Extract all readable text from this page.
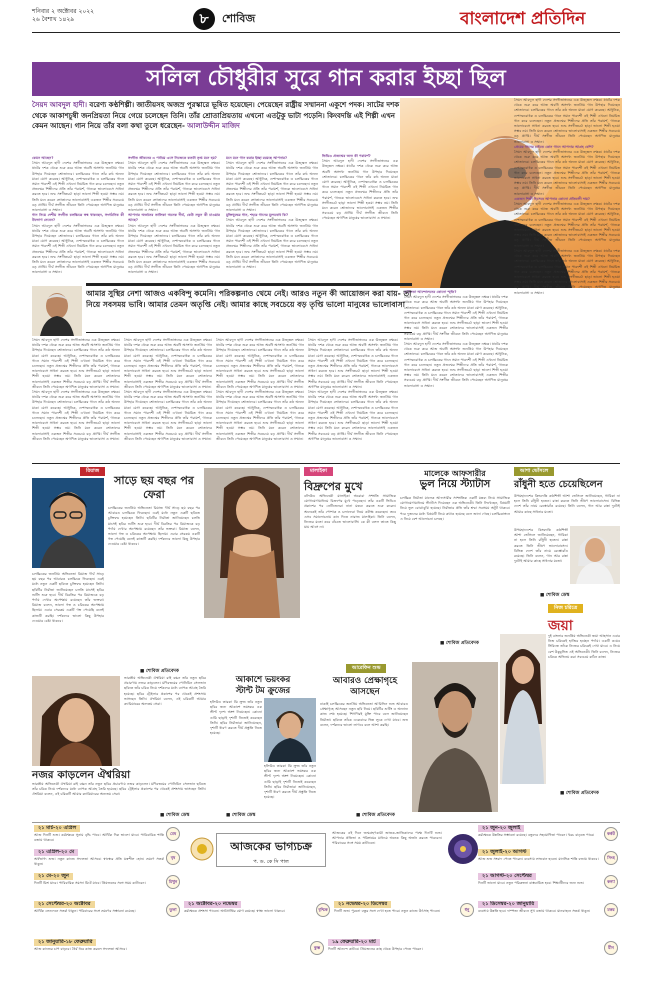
শনিবার ২ অক্টোবর ২০২২
২৬ বৈশাখ ১৪২৯	৮	শোবিজ	বাংলাদেশ প্রতিদিন
সলিল চৌধুরীর সুরে গান করার ইচ্ছা ছিল
সৈয়দ আবদুল হাদী। বরেণ্য কণ্ঠশিল্পী। জাতীয়সহ অজস্র পুরস্কারে ভূষিত হয়েছেন। পেয়েছেন রাষ্ট্রীয় সম্মাননা একুশে পদক। সাটের দশক থেকে আকাশচুম্বী জনপ্রিয়তা নিয়ে গেয়ে চলেছেন তিনি। তাঁর শ্রোতাপ্রিয়তায় এখনো এতটুকু ভাটা পড়েনি। কিংবদন্তি এই শিল্পী এখন কেমন আছেন। গান নিয়ে তাঁর বলা কথা তুলে ধরেছেন- আলাউদ্দীন মাজিদ
কেমন আছেন?
সৈয়দ আবদুল হাদী দেশের সংগীতাঙ্গনের এক উজ্জ্বল নক্ষত্র। ষাটের দশক থেকে শুরু করে আজ অবধি অসংখ্য জনপ্রিয় গান উপহার দিয়েছেন শ্রোতাদের। চলচ্চিত্রের গানে তাঁর কণ্ঠ অনন্য মাত্রা যোগ করেছে। আধুনিক, দেশাত্মবোধক ও চলচ্চিত্রের গানে সমান পারদর্শী এই শিল্পী এখনো নিয়মিত গান করে চলেছেন। নতুন প্রজন্মের শিল্পীদের প্রতি তাঁর পরামর্শ, গানকে ভালোবেসে সাধনা করতে হবে। শুদ্ধ সংগীতচর্চা ছাড়া ভালো শিল্পী হওয়া সম্ভব নয়। তিনি মনে করেন শ্রোতাদের ভালোবাসাই একজন শিল্পীর সবচেয়ে বড় প্রাপ্তি। দীর্ঘ সংগীত জীবনে তিনি পেয়েছেন অগণিত মানুষের ভালোবাসা ও সম্মান।
গান নিয়ে দেশীয় সংগীত চলচ্চিত্রে স্বস্থ থাকছেন, সংগঠনিক কী উদ্যোগ নেবেন?
সৈয়দ আবদুল হাদী দেশের সংগীতাঙ্গনের এক উজ্জ্বল নক্ষত্র। ষাটের দশক থেকে শুরু করে আজ অবধি অসংখ্য জনপ্রিয় গান উপহার দিয়েছেন শ্রোতাদের। চলচ্চিত্রের গানে তাঁর কণ্ঠ অনন্য মাত্রা যোগ করেছে। আধুনিক, দেশাত্মবোধক ও চলচ্চিত্রের গানে সমান পারদর্শী এই শিল্পী এখনো নিয়মিত গান করে চলেছেন। নতুন প্রজন্মের শিল্পীদের প্রতি তাঁর পরামর্শ, গানকে ভালোবেসে সাধনা করতে হবে। শুদ্ধ সংগীতচর্চা ছাড়া ভালো শিল্পী হওয়া সম্ভব নয়। তিনি মনে করেন শ্রোতাদের ভালোবাসাই একজন শিল্পীর সবচেয়ে বড় প্রাপ্তি। দীর্ঘ সংগীত জীবনে তিনি পেয়েছেন অগণিত মানুষের ভালোবাসা ও সম্মান।
সংগীত জীবনের এ পর্যায়ে এসে নিজেকে কতটা তৃপ্ত মনে হয়?
সৈয়দ আবদুল হাদী দেশের সংগীতাঙ্গনের এক উজ্জ্বল নক্ষত্র। ষাটের দশক থেকে শুরু করে আজ অবধি অসংখ্য জনপ্রিয় গান উপহার দিয়েছেন শ্রোতাদের। চলচ্চিত্রের গানে তাঁর কণ্ঠ অনন্য মাত্রা যোগ করেছে। আধুনিক, দেশাত্মবোধক ও চলচ্চিত্রের গানে সমান পারদর্শী এই শিল্পী এখনো নিয়মিত গান করে চলেছেন। নতুন প্রজন্মের শিল্পীদের প্রতি তাঁর পরামর্শ, গানকে ভালোবেসে সাধনা করতে হবে। শুদ্ধ সংগীতচর্চা ছাড়া ভালো শিল্পী হওয়া সম্ভব নয়। তিনি মনে করেন শ্রোতাদের ভালোবাসাই একজন শিল্পীর সবচেয়ে বড় প্রাপ্তি। দীর্ঘ সংগীত জীবনে তিনি পেয়েছেন অগণিত মানুষের ভালোবাসা ও সম্মান।
আপনার অর্জনের তালিকা অনেক দীর্ঘ, কেউ নতুন কী চাওয়ার আছে?
সৈয়দ আবদুল হাদী দেশের সংগীতাঙ্গনের এক উজ্জ্বল নক্ষত্র। ষাটের দশক থেকে শুরু করে আজ অবধি অসংখ্য জনপ্রিয় গান উপহার দিয়েছেন শ্রোতাদের। চলচ্চিত্রের গানে তাঁর কণ্ঠ অনন্য মাত্রা যোগ করেছে। আধুনিক, দেশাত্মবোধক ও চলচ্চিত্রের গানে সমান পারদর্শী এই শিল্পী এখনো নিয়মিত গান করে চলেছেন। নতুন প্রজন্মের শিল্পীদের প্রতি তাঁর পরামর্শ, গানকে ভালোবেসে সাধনা করতে হবে। শুদ্ধ সংগীতচর্চা ছাড়া ভালো শিল্পী হওয়া সম্ভব নয়। তিনি মনে করেন শ্রোতাদের ভালোবাসাই একজন শিল্পীর সবচেয়ে বড় প্রাপ্তি। দীর্ঘ সংগীত জীবনে তিনি পেয়েছেন অগণিত মানুষের ভালোবাসা ও সম্মান।
মনে মনে গান করার ইচ্ছা রয়েছে আপনার?
সৈয়দ আবদুল হাদী দেশের সংগীতাঙ্গনের এক উজ্জ্বল নক্ষত্র। ষাটের দশক থেকে শুরু করে আজ অবধি অসংখ্য জনপ্রিয় গান উপহার দিয়েছেন শ্রোতাদের। চলচ্চিত্রের গানে তাঁর কণ্ঠ অনন্য মাত্রা যোগ করেছে। আধুনিক, দেশাত্মবোধক ও চলচ্চিত্রের গানে সমান পারদর্শী এই শিল্পী এখনো নিয়মিত গান করে চলেছেন। নতুন প্রজন্মের শিল্পীদের প্রতি তাঁর পরামর্শ, গানকে ভালোবেসে সাধনা করতে হবে। শুদ্ধ সংগীতচর্চা ছাড়া ভালো শিল্পী হওয়া সম্ভব নয়। তিনি মনে করেন শ্রোতাদের ভালোবাসাই একজন শিল্পীর সবচেয়ে বড় প্রাপ্তি। দীর্ঘ সংগীত জীবনে তিনি পেয়েছেন অগণিত মানুষের ভালোবাসা ও সম্মান।
মুক্তিযুদ্ধের গান, শহরে গানের মূল্যবোধ কি?
সৈয়দ আবদুল হাদী দেশের সংগীতাঙ্গনের এক উজ্জ্বল নক্ষত্র। ষাটের দশক থেকে শুরু করে আজ অবধি অসংখ্য জনপ্রিয় গান উপহার দিয়েছেন শ্রোতাদের। চলচ্চিত্রের গানে তাঁর কণ্ঠ অনন্য মাত্রা যোগ করেছে। আধুনিক, দেশাত্মবোধক ও চলচ্চিত্রের গানে সমান পারদর্শী এই শিল্পী এখনো নিয়মিত গান করে চলেছেন। নতুন প্রজন্মের শিল্পীদের প্রতি তাঁর পরামর্শ, গানকে ভালোবেসে সাধনা করতে হবে। শুদ্ধ সংগীতচর্চা ছাড়া ভালো শিল্পী হওয়া সম্ভব নয়। তিনি মনে করেন শ্রোতাদের ভালোবাসাই একজন শিল্পীর সবচেয়ে বড় প্রাপ্তি। দীর্ঘ সংগীত জীবনে তিনি পেয়েছেন অগণিত মানুষের ভালোবাসা ও সম্মান।
ভিডিও প্রজন্মের জন্য কী পরামর্শ?
সৈয়দ আবদুল হাদী দেশের সংগীতাঙ্গনের এক উজ্জ্বল নক্ষত্র। ষাটের দশক থেকে শুরু করে আজ অবধি অসংখ্য জনপ্রিয় গান উপহার দিয়েছেন শ্রোতাদের। চলচ্চিত্রের গানে তাঁর কণ্ঠ অনন্য মাত্রা যোগ করেছে। আধুনিক, দেশাত্মবোধক ও চলচ্চিত্রের গানে সমান পারদর্শী এই শিল্পী এখনো নিয়মিত গান করে চলেছেন। নতুন প্রজন্মের শিল্পীদের প্রতি তাঁর পরামর্শ, গানকে ভালোবেসে সাধনা করতে হবে। শুদ্ধ সংগীতচর্চা ছাড়া ভালো শিল্পী হওয়া সম্ভব নয়। তিনি মনে করেন শ্রোতাদের ভালোবাসাই একজন শিল্পীর সবচেয়ে বড় প্রাপ্তি। দীর্ঘ সংগীত জীবনে তিনি পেয়েছেন অগণিত মানুষের ভালোবাসা ও সম্মান।
স্বাধীনতা আন্দোলনের কোনো স্মৃতি?
সৈয়দ আবদুল হাদী দেশের সংগীতাঙ্গনের এক উজ্জ্বল নক্ষত্র। ষাটের দশক থেকে শুরু করে আজ অবধি অসংখ্য জনপ্রিয় গান উপহার দিয়েছেন শ্রোতাদের। চলচ্চিত্রের গানে তাঁর কণ্ঠ অনন্য মাত্রা যোগ করেছে। আধুনিক, দেশাত্মবোধক ও চলচ্চিত্রের গানে সমান পারদর্শী এই শিল্পী এখনো নিয়মিত গান করে চলেছেন। নতুন প্রজন্মের শিল্পীদের প্রতি তাঁর পরামর্শ, গানকে ভালোবেসে সাধনা করতে হবে। শুদ্ধ সংগীতচর্চা ছাড়া ভালো শিল্পী হওয়া সম্ভব নয়। তিনি মনে করেন শ্রোতাদের ভালোবাসাই একজন শিল্পীর সবচেয়ে বড় প্রাপ্তি। দীর্ঘ সংগীত জীবনে তিনি পেয়েছেন অগণিত মানুষের ভালোবাসা ও সম্মান।
সৈয়দ আবদুল হাদী দেশের সংগীতাঙ্গনের এক উজ্জ্বল নক্ষত্র। ষাটের দশক থেকে শুরু করে আজ অবধি অসংখ্য জনপ্রিয় গান উপহার দিয়েছেন শ্রোতাদের। চলচ্চিত্রের গানে তাঁর কণ্ঠ অনন্য মাত্রা যোগ করেছে। আধুনিক, দেশাত্মবোধক ও চলচ্চিত্রের গানে সমান পারদর্শী এই শিল্পী এখনো নিয়মিত গান করে চলেছেন। নতুন প্রজন্মের শিল্পীদের প্রতি তাঁর পরামর্শ, গানকে ভালোবেসে সাধনা করতে হবে। শুদ্ধ সংগীতচর্চা ছাড়া ভালো শিল্পী হওয়া সম্ভব নয়। তিনি মনে করেন শ্রোতাদের ভালোবাসাই একজন শিল্পীর সবচেয়ে বড় প্রাপ্তি। দীর্ঘ সংগীত জীবনে তিনি পেয়েছেন অগণিত মানুষের ভালোবাসা ও সম্মান।
সৈয়দ আবদুল হাদী দেশের সংগীতাঙ্গনের এক উজ্জ্বল নক্ষত্র। ষাটের দশক থেকে শুরু করে আজ অবধি অসংখ্য জনপ্রিয় গান উপহার দিয়েছেন শ্রোতাদের। চলচ্চিত্রের গানে তাঁর কণ্ঠ অনন্য মাত্রা যোগ করেছে। আধুনিক, দেশাত্মবোধক ও চলচ্চিত্রের গানে সমান পারদর্শী এই শিল্পী এখনো নিয়মিত গান করে চলেছেন। নতুন প্রজন্মের শিল্পীদের প্রতি তাঁর পরামর্শ, গানকে ভালোবেসে সাধনা করতে হবে। শুদ্ধ সংগীতচর্চা ছাড়া ভালো শিল্পী হওয়া সম্ভব নয়। তিনি মনে করেন শ্রোতাদের ভালোবাসাই একজন শিল্পীর সবচেয়ে বড় প্রাপ্তি। দীর্ঘ সংগীত জীবনে তিনি পেয়েছেন অগণিত মানুষের ভালোবাসা ও সম্মান।
প্রেমের গানের চাইতে কোন গানে আপনার আগ্রহ বেশি?
সৈয়দ আবদুল হাদী দেশের সংগীতাঙ্গনের এক উজ্জ্বল নক্ষত্র। ষাটের দশক থেকে শুরু করে আজ অবধি অসংখ্য জনপ্রিয় গান উপহার দিয়েছেন শ্রোতাদের। চলচ্চিত্রের গানে তাঁর কণ্ঠ অনন্য মাত্রা যোগ করেছে। আধুনিক, দেশাত্মবোধক ও চলচ্চিত্রের গানে সমান পারদর্শী এই শিল্পী এখনো নিয়মিত গান করে চলেছেন। নতুন প্রজন্মের শিল্পীদের প্রতি তাঁর পরামর্শ, গানকে ভালোবেসে সাধনা করতে হবে। শুদ্ধ সংগীতচর্চা ছাড়া ভালো শিল্পী হওয়া সম্ভব নয়। তিনি মনে করেন শ্রোতাদের ভালোবাসাই একজন শিল্পীর সবচেয়ে বড় প্রাপ্তি। দীর্ঘ সংগীত জীবনে তিনি পেয়েছেন অগণিত মানুষের ভালোবাসা ও সম্মান।
একজন শিল্পী হিসেবে আপনার কোনো প্রতিবাদী দায়?
সৈয়দ আবদুল হাদী দেশের সংগীতাঙ্গনের এক উজ্জ্বল নক্ষত্র। ষাটের দশক থেকে শুরু করে আজ অবধি অসংখ্য জনপ্রিয় গান উপহার দিয়েছেন শ্রোতাদের। চলচ্চিত্রের গানে তাঁর কণ্ঠ অনন্য মাত্রা যোগ করেছে। আধুনিক, দেশাত্মবোধক ও চলচ্চিত্রের গানে সমান পারদর্শী এই শিল্পী এখনো নিয়মিত গান করে চলেছেন। নতুন প্রজন্মের শিল্পীদের প্রতি তাঁর পরামর্শ, গানকে ভালোবেসে সাধনা করতে হবে। শুদ্ধ সংগীতচর্চা ছাড়া ভালো শিল্পী হওয়া সম্ভব নয়। তিনি মনে করেন শ্রোতাদের ভালোবাসাই একজন শিল্পীর সবচেয়ে বড় প্রাপ্তি। দীর্ঘ সংগীত জীবনে তিনি পেয়েছেন অগণিত মানুষের ভালোবাসা ও সম্মান।
সৈয়দ আবদুল হাদী দেশের সংগীতাঙ্গনের এক উজ্জ্বল নক্ষত্র। ষাটের দশক থেকে শুরু করে আজ অবধি অসংখ্য জনপ্রিয় গান উপহার দিয়েছেন শ্রোতাদের। চলচ্চিত্রের গানে তাঁর কণ্ঠ অনন্য মাত্রা যোগ করেছে। আধুনিক, দেশাত্মবোধক ও চলচ্চিত্রের গানে সমান পারদর্শী এই শিল্পী এখনো নিয়মিত গান করে চলেছেন। নতুন প্রজন্মের শিল্পীদের প্রতি তাঁর পরামর্শ, গানকে ভালোবেসে সাধনা করতে হবে। শুদ্ধ সংগীতচর্চা ছাড়া ভালো শিল্পী হওয়া সম্ভব নয়। তিনি মনে করেন শ্রোতাদের ভালোবাসাই একজন শিল্পীর সবচেয়ে বড় প্রাপ্তি। দীর্ঘ সংগীত জীবনে তিনি পেয়েছেন অগণিত মানুষের ভালোবাসা ও সম্মান।
আমার সুস্থির নেশা আজও একবিন্দু কমেনি। পরিকল্পনাও থেমে নেই। আরও নতুন কী আয়োজন করা যায়- তা নিয়ে সবসময় ভাবি। আমার তেমন অতৃপ্তি নেই। আমার কাছে সবচেয়ে বড় তৃপ্তি ভালো মানুষের ভালোবাসা
সৈয়দ আবদুল হাদী দেশের সংগীতাঙ্গনের এক উজ্জ্বল নক্ষত্র। ষাটের দশক থেকে শুরু করে আজ অবধি অসংখ্য জনপ্রিয় গান উপহার দিয়েছেন শ্রোতাদের। চলচ্চিত্রের গানে তাঁর কণ্ঠ অনন্য মাত্রা যোগ করেছে। আধুনিক, দেশাত্মবোধক ও চলচ্চিত্রের গানে সমান পারদর্শী এই শিল্পী এখনো নিয়মিত গান করে চলেছেন। নতুন প্রজন্মের শিল্পীদের প্রতি তাঁর পরামর্শ, গানকে ভালোবেসে সাধনা করতে হবে। শুদ্ধ সংগীতচর্চা ছাড়া ভালো শিল্পী হওয়া সম্ভব নয়। তিনি মনে করেন শ্রোতাদের ভালোবাসাই একজন শিল্পীর সবচেয়ে বড় প্রাপ্তি। দীর্ঘ সংগীত জীবনে তিনি পেয়েছেন অগণিত মানুষের ভালোবাসা ও সম্মান।
সৈয়দ আবদুল হাদী দেশের সংগীতাঙ্গনের এক উজ্জ্বল নক্ষত্র। ষাটের দশক থেকে শুরু করে আজ অবধি অসংখ্য জনপ্রিয় গান উপহার দিয়েছেন শ্রোতাদের। চলচ্চিত্রের গানে তাঁর কণ্ঠ অনন্য মাত্রা যোগ করেছে। আধুনিক, দেশাত্মবোধক ও চলচ্চিত্রের গানে সমান পারদর্শী এই শিল্পী এখনো নিয়মিত গান করে চলেছেন। নতুন প্রজন্মের শিল্পীদের প্রতি তাঁর পরামর্শ, গানকে ভালোবেসে সাধনা করতে হবে। শুদ্ধ সংগীতচর্চা ছাড়া ভালো শিল্পী হওয়া সম্ভব নয়। তিনি মনে করেন শ্রোতাদের ভালোবাসাই একজন শিল্পীর সবচেয়ে বড় প্রাপ্তি। দীর্ঘ সংগীত জীবনে তিনি পেয়েছেন অগণিত মানুষের ভালোবাসা ও সম্মান।
সৈয়দ আবদুল হাদী দেশের সংগীতাঙ্গনের এক উজ্জ্বল নক্ষত্র। ষাটের দশক থেকে শুরু করে আজ অবধি অসংখ্য জনপ্রিয় গান উপহার দিয়েছেন শ্রোতাদের। চলচ্চিত্রের গানে তাঁর কণ্ঠ অনন্য মাত্রা যোগ করেছে। আধুনিক, দেশাত্মবোধক ও চলচ্চিত্রের গানে সমান পারদর্শী এই শিল্পী এখনো নিয়মিত গান করে চলেছেন। নতুন প্রজন্মের শিল্পীদের প্রতি তাঁর পরামর্শ, গানকে ভালোবেসে সাধনা করতে হবে। শুদ্ধ সংগীতচর্চা ছাড়া ভালো শিল্পী হওয়া সম্ভব নয়। তিনি মনে করেন শ্রোতাদের ভালোবাসাই একজন শিল্পীর সবচেয়ে বড় প্রাপ্তি। দীর্ঘ সংগীত জীবনে তিনি পেয়েছেন অগণিত মানুষের ভালোবাসা ও সম্মান।
সৈয়দ আবদুল হাদী দেশের সংগীতাঙ্গনের এক উজ্জ্বল নক্ষত্র। ষাটের দশক থেকে শুরু করে আজ অবধি অসংখ্য জনপ্রিয় গান উপহার দিয়েছেন শ্রোতাদের। চলচ্চিত্রের গানে তাঁর কণ্ঠ অনন্য মাত্রা যোগ করেছে। আধুনিক, দেশাত্মবোধক ও চলচ্চিত্রের গানে সমান পারদর্শী এই শিল্পী এখনো নিয়মিত গান করে চলেছেন। নতুন প্রজন্মের শিল্পীদের প্রতি তাঁর পরামর্শ, গানকে ভালোবেসে সাধনা করতে হবে। শুদ্ধ সংগীতচর্চা ছাড়া ভালো শিল্পী হওয়া সম্ভব নয়। তিনি মনে করেন শ্রোতাদের ভালোবাসাই একজন শিল্পীর সবচেয়ে বড় প্রাপ্তি। দীর্ঘ সংগীত জীবনে তিনি পেয়েছেন অগণিত মানুষের ভালোবাসা ও সম্মান।
সৈয়দ আবদুল হাদী দেশের সংগীতাঙ্গনের এক উজ্জ্বল নক্ষত্র। ষাটের দশক থেকে শুরু করে আজ অবধি অসংখ্য জনপ্রিয় গান উপহার দিয়েছেন শ্রোতাদের। চলচ্চিত্রের গানে তাঁর কণ্ঠ অনন্য মাত্রা যোগ করেছে। আধুনিক, দেশাত্মবোধক ও চলচ্চিত্রের গানে সমান পারদর্শী এই শিল্পী এখনো নিয়মিত গান করে চলেছেন। নতুন প্রজন্মের শিল্পীদের প্রতি তাঁর পরামর্শ, গানকে ভালোবেসে সাধনা করতে হবে। শুদ্ধ সংগীতচর্চা ছাড়া ভালো শিল্পী হওয়া সম্ভব নয়। তিনি মনে করেন শ্রোতাদের ভালোবাসাই একজন শিল্পীর সবচেয়ে বড় প্রাপ্তি। দীর্ঘ সংগীত জীবনে তিনি পেয়েছেন অগণিত মানুষের ভালোবাসা ও সম্মান।
সৈয়দ আবদুল হাদী দেশের সংগীতাঙ্গনের এক উজ্জ্বল নক্ষত্র। ষাটের দশক থেকে শুরু করে আজ অবধি অসংখ্য জনপ্রিয় গান উপহার দিয়েছেন শ্রোতাদের। চলচ্চিত্রের গানে তাঁর কণ্ঠ অনন্য মাত্রা যোগ করেছে। আধুনিক, দেশাত্মবোধক ও চলচ্চিত্রের গানে সমান পারদর্শী এই শিল্পী এখনো নিয়মিত গান করে চলেছেন। নতুন প্রজন্মের শিল্পীদের প্রতি তাঁর পরামর্শ, গানকে ভালোবেসে সাধনা করতে হবে। শুদ্ধ সংগীতচর্চা ছাড়া ভালো শিল্পী হওয়া সম্ভব নয়। তিনি মনে করেন শ্রোতাদের ভালোবাসাই একজন শিল্পীর সবচেয়ে বড় প্রাপ্তি। দীর্ঘ সংগীত জীবনে তিনি পেয়েছেন অগণিত মানুষের ভালোবাসা ও সম্মান।
সৈয়দ আবদুল হাদী দেশের সংগীতাঙ্গনের এক উজ্জ্বল নক্ষত্র। ষাটের দশক থেকে শুরু করে আজ অবধি অসংখ্য জনপ্রিয় গান উপহার দিয়েছেন শ্রোতাদের। চলচ্চিত্রের গানে তাঁর কণ্ঠ অনন্য মাত্রা যোগ করেছে। আধুনিক, দেশাত্মবোধক ও চলচ্চিত্রের গানে সমান পারদর্শী এই শিল্পী এখনো নিয়মিত গান করে চলেছেন। নতুন প্রজন্মের শিল্পীদের প্রতি তাঁর পরামর্শ, গানকে ভালোবেসে সাধনা করতে হবে। শুদ্ধ সংগীতচর্চা ছাড়া ভালো শিল্পী হওয়া সম্ভব নয়। তিনি মনে করেন শ্রোতাদের ভালোবাসাই একজন শিল্পীর সবচেয়ে বড় প্রাপ্তি। দীর্ঘ সংগীত জীবনে তিনি পেয়েছেন অগণিত মানুষের ভালোবাসা ও সম্মান।
সৈয়দ আবদুল হাদী দেশের সংগীতাঙ্গনের এক উজ্জ্বল নক্ষত্র। ষাটের দশক থেকে শুরু করে আজ অবধি অসংখ্য জনপ্রিয় গান উপহার দিয়েছেন শ্রোতাদের। চলচ্চিত্রের গানে তাঁর কণ্ঠ অনন্য মাত্রা যোগ করেছে। আধুনিক, দেশাত্মবোধক ও চলচ্চিত্রের গানে সমান পারদর্শী এই শিল্পী এখনো নিয়মিত গান করে চলেছেন। নতুন প্রজন্মের শিল্পীদের প্রতি তাঁর পরামর্শ, গানকে ভালোবেসে সাধনা করতে হবে। শুদ্ধ সংগীতচর্চা ছাড়া ভালো শিল্পী হওয়া সম্ভব নয়। তিনি মনে করেন শ্রোতাদের ভালোবাসাই একজন শিল্পীর সবচেয়ে বড় প্রাপ্তি। দীর্ঘ সংগীত জীবনে তিনি পেয়েছেন অগণিত মানুষের ভালোবাসা ও সম্মান।
রিয়াজ
সাড়ে ছয় বছর পর ফেরা
চলচ্চিত্রের জনপ্রিয় অভিনেতা রিয়াজ দীর্ঘ সাড়ে ছয় বছর পর আবারও চলচ্চিত্রে ফিরছেন। এরই মধ্যে নতুন একটি ছবিতে চুক্তিবদ্ধ হয়েছেন তিনি। ছবিটির নির্মাতা জানিয়েছেন চলতি মাসেই ছবির শুটিং শুরু হবে। দীর্ঘ বিরতির পর রিয়াজকে বড় পর্দায় দেখার অপেক্ষায় রয়েছেন তাঁর ভক্তরা। রিয়াজ বলেন, ভালো গল্প ও চরিত্রের অপেক্ষায় ছিলাম। এবার সেরকম একটি গল্প পেয়েছি বলেই কাজটি করছি। দর্শকদের ভালো কিছু উপহার দেওয়ার চেষ্টা থাকবে।
চলচ্চিত্রের জনপ্রিয় অভিনেতা রিয়াজ দীর্ঘ সাড়ে ছয় বছর পর আবারও চলচ্চিত্রে ফিরছেন। এরই মধ্যে নতুন একটি ছবিতে চুক্তিবদ্ধ হয়েছেন তিনি। ছবিটির নির্মাতা জানিয়েছেন চলতি মাসেই ছবির শুটিং শুরু হবে। দীর্ঘ বিরতির পর রিয়াজকে বড় পর্দায় দেখার অপেক্ষায় রয়েছেন তাঁর ভক্তরা। রিয়াজ বলেন, ভালো গল্প ও চরিত্রের অপেক্ষায় ছিলাম। এবার সেরকম একটি গল্প পেয়েছি বলেই কাজটি করছি। দর্শকদের ভালো কিছু উপহার দেওয়ার চেষ্টা থাকবে।
■ শোবিজ প্রতিবেদক
মালাইকা
বিদ্রুপের মুখে
বলিউড অভিনেত্রী মালাইকা অরোরা সম্প্রতি সামাজিক যোগাযোগমাধ্যমে বিদ্রুপের মুখে পড়েছেন। তাঁর একটি ভিডিও প্রকাশের পর নেটিজেনরা নানা মন্তব্য করতে শুরু করেন। অনেকেই তাঁর পোশাক ও চলাফেরা নিয়ে কটাক্ষ করেছেন। তবে এসব সমালোচনায় কান দিতে নারাজ মালাইকা। তিনি বলেন, নিজের মতো করে বাঁচতে ভালোবাসি। কে কী বলল তাতে কিছু যায় আসে না।
মালেকে আফসারীর
ভুল নিয়ে স্ট্যাটাস
চলচ্চিত্র নির্মাতা মালেক আফসারীর সাম্প্রতিক একটি মন্তব্য নিয়ে সামাজিক যোগাযোগমাধ্যমে স্ট্যাটাস দিয়েছেন এক অভিনেত্রী। তিনি লিখেছেন, বিষয়টি নিয়ে ভুল বোঝাবুঝি হয়েছে। নির্মাতার প্রতি তাঁর শ্রদ্ধা সবসময় অটুট থাকবে। পরে দুজনের মধ্যে বিষয়টি নিয়ে কথাও হয়েছে বলে জানা গেছে। চলচ্চিত্রাঙ্গনে এ নিয়ে বেশ আলোচনা চলছে।
■ শোবিজ প্রতিবেদক
আশা ভোঁসলে
রাঁধুনী হতে চেয়েছিলেন
উপমহাদেশের কিংবদন্তি কণ্ঠশিল্পী আশা ভোঁসলে জানিয়েছেন, গায়িকা না হলে তিনি রাঁধুনী হতেন। রান্না করতে তিনি ভীষণ ভালোবাসেন। বিভিন্ন দেশে তাঁর নামে রেস্তোরাঁও রয়েছে। তিনি বলেন, গান আর রান্না দুটোই আমার কাছে সাধনার মতো।
উপমহাদেশের কিংবদন্তি কণ্ঠশিল্পী আশা ভোঁসলে জানিয়েছেন, গায়িকা না হলে তিনি রাঁধুনী হতেন। রান্না করতে তিনি ভীষণ ভালোবাসেন। বিভিন্ন দেশে তাঁর নামে রেস্তোরাঁও রয়েছে। তিনি বলেন, গান আর রান্না দুটোই আমার কাছে সাধনার মতো।
■ শোবিজ ডেস্ক
নিজ চরিত্রে
জয়া
দুই বাংলার জনপ্রিয় অভিনেত্রী জয়া আহসান এবার নিজ চরিত্রেই হাজির হচ্ছেন পর্দায়। একটি ওয়েব সিরিজে তাঁকে নিজের চরিত্রেই দেখা যাবে। এ নিয়ে বেশ উচ্ছ্বসিত এই অভিনেত্রী। তিনি বলেন, নিজের চরিত্রে অভিনয় করা সবচেয়ে কঠিন কাজ।
■ শোবিজ প্রতিবেদক
নজর কাড়লেন ঐশ্বরিয়া
ভারতীয় অভিনেত্রী ঐশ্বরিয়া রাই বচ্চন তাঁর নতুন ছবির প্রচারণায় নজর কাড়লেন। মণিরত্নমের পোনিয়িন সেলভান ছবিতে তাঁর চরিত্র নিয়ে দর্শকদের মধ্যে ব্যাপক আগ্রহ তৈরি হয়েছে। ছবির ট্রেইলার প্রকাশের পর থেকেই প্রশংসায় ভাসছেন তিনি। ঐশ্বরিয়া বলেন, এই চরিত্রটি আমার ক্যারিয়ারের অন্যতম সেরা।
ভারতীয় অভিনেত্রী ঐশ্বরিয়া রাই বচ্চন তাঁর নতুন ছবির প্রচারণায় নজর কাড়লেন। মণিরত্নমের পোনিয়িন সেলভান ছবিতে তাঁর চরিত্র নিয়ে দর্শকদের মধ্যে ব্যাপক আগ্রহ তৈরি হয়েছে। ছবির ট্রেইলার প্রকাশের পর থেকেই প্রশংসায় ভাসছেন তিনি। ঐশ্বরিয়া বলেন, এই চরিত্রটি আমার ক্যারিয়ারের অন্যতম সেরা।
■ শোবিজ ডেস্ক
আকাশে ভয়ংকর
স্টান্ট টম ক্রুজের
হলিউড তারকা টম ক্রুজ তাঁর নতুন ছবির জন্য আকাশে ভয়ংকর এক স্টান্ট দৃশ্যে অংশ নিয়েছেন। কোনো ডামি ছাড়াই দৃশ্যটি নিজেই করেছেন তিনি। ছবির নির্মাতারা জানিয়েছেন, দৃশ্যটি ধারণ করতে দীর্ঘ প্রস্তুতি নিতে হয়েছে।
হলিউড তারকা টম ক্রুজ তাঁর নতুন ছবির জন্য আকাশে ভয়ংকর এক স্টান্ট দৃশ্যে অংশ নিয়েছেন। কোনো ডামি ছাড়াই দৃশ্যটি নিজেই করেছেন তিনি। ছবির নির্মাতারা জানিয়েছেন, দৃশ্যটি ধারণ করতে দীর্ঘ প্রস্তুতি নিতে হয়েছে।
■ শোবিজ ডেস্ক
আরেফিন শুভ
আবারও প্রেক্ষাগৃহে আসছেন
ঢাকাই চলচ্চিত্রের জনপ্রিয় অভিনেতা আরিফিন শুভ আবারও প্রেক্ষাগৃহে আসছেন নতুন ছবি নিয়ে। ছবিটির শুটিং ও অন্যান্য কাজ শেষ হয়েছে। শিগগিরই মুক্তি পাবে বলে জানিয়েছেন নির্মাতা। ছবিতে তাঁকে একেবারে ভিন্ন লুকে দেখা যাবে। শুভ বলেন, দর্শকদের ভালো লাগবে বলে আশা করছি।
■ শোবিজ প্রতিবেদক
আজকের ভাগ্যচক্র
প. ড. কে সি পাল
আজকের এই দিনে জন্মগ্রহণকারী জাতক-জাতিকাদের পক্ষে দিনটি শুভ। আপনার প্রতিভা ও পরিশ্রমের মাধ্যমে অনেক কিছু অর্জন করতে পারবেন। পরিবারের সঙ্গে সময় কাটাবেন।
২১ মার্চ-২০ এপ্রিল
আজ দিনটি শুভ। কর্মক্ষেত্রে সুনাম বৃদ্ধি পাবে। আর্থিক দিক ভালো যাবে। পারিবারিক শান্তি বজায় থাকবে।
মেষ
২১ এপ্রিল-২০ মে
অর্থভাগ্য শুভ। নতুন কাজে সফলতা আসবে। স্বাস্থ্যের প্রতি যত্নশীল হোন। ভ্রমণে সতর্ক থাকুন।
বৃষ
২১ মে-২০ জুন
দিনটি মিশ্র যাবে। পারিবারিক সমস্যা মিটে যাবে। প্রিয়জনের সঙ্গে সময় কাটাবেন।	মিথুন
২১ জুন-২০ জুলাই
কর্মক্ষেত্রে উন্নতির সম্ভাবনা রয়েছে। বন্ধুদের সহযোগিতা পাবেন। খরচ বাড়তে পারে।	কর্কট
২১ জুলাই-২০ আগস্ট
আজ শুভ সংবাদ পেতে পারেন। ব্যবসায় লাভবান হবেন। মানসিক শান্তি বজায় থাকবে।	সিংহ
২১ আগস্ট-২০ সেপ্টেম্বর
দিনটি ভালো যাবে। নতুন পরিকল্পনা বাস্তবায়িত হবে। শিক্ষার্থীদের জন্য শুভ।	কন্যা
২১ সেপ্টেম্বর-২০ অক্টোবর
আর্থিক লেনদেনে সতর্ক থাকুন। পরিবারের সঙ্গে ভ্রমণের সম্ভাবনা রয়েছে।	তুলা
২১ অক্টোবর-২০ নভেম্বর
কর্মক্ষেত্রে প্রশংসা পাবেন। অর্থপ্রাপ্তির যোগ রয়েছে। স্বাস্থ্য ভালো থাকবে।	বৃশ্চিক
২১ নভেম্বর-২০ ডিসেম্বর
দিনটি শুভ। পুরনো বন্ধুর সঙ্গে দেখা হতে পারে। নতুন কাজে উৎসাহ পাবেন।	ধনু
২১ ডিসেম্বর-২০ জানুয়ারি
ব্যবসায় উন্নতি হবে। দাম্পত্য জীবনে সুখ বজায় থাকবে। যানবাহনে সতর্ক থাকুন।	মকর
২১ জানুয়ারি-১৮ ফেব্রুয়ারি
আজ কাজের চাপ বাড়বে। ধৈর্য ধরে কাজ করলে সফলতা আসবে।	কুম্ভ
১৯ ফেব্রুয়ারি-২০ মার্চ
দিনটি আনন্দে কাটবে। প্রিয়জনের কাছ থেকে উপহার পেতে পারেন।	মীন
